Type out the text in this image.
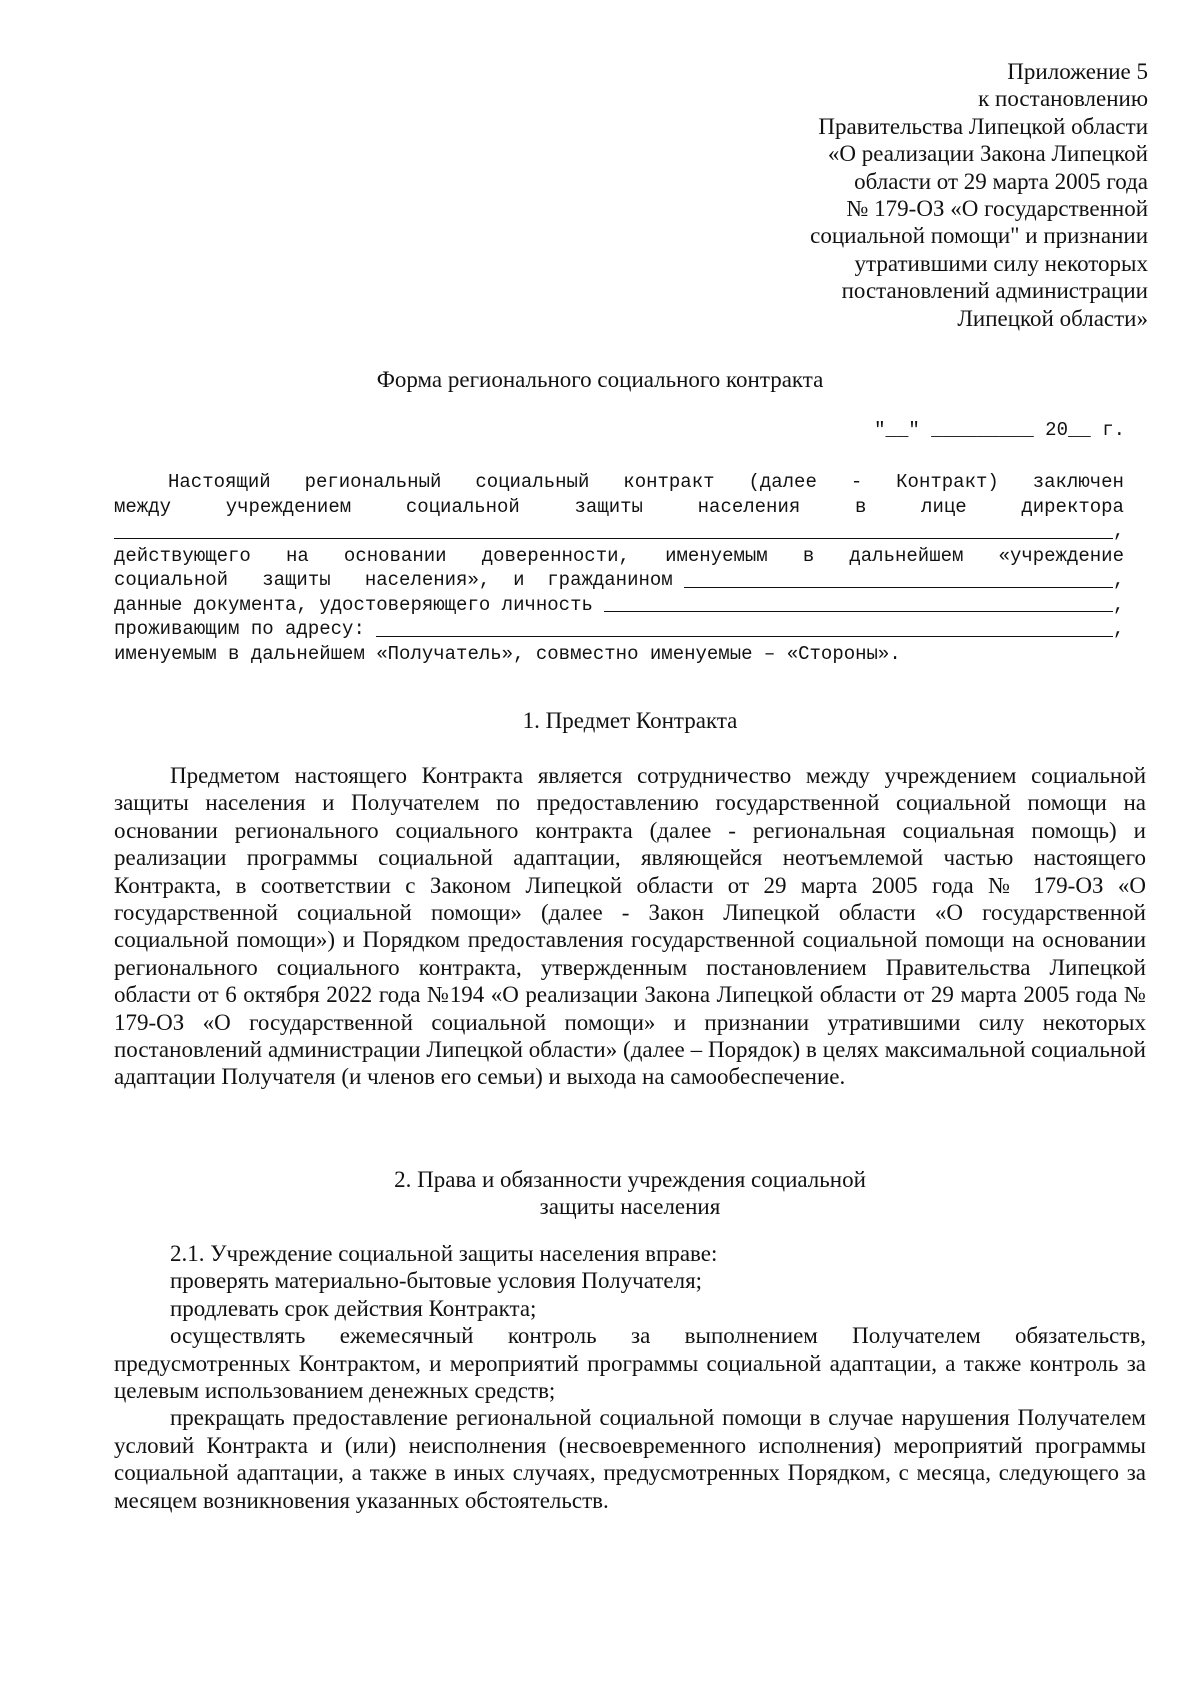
Приложение 5
к постановлению
Правительства Липецкой области
«О реализации Закона Липецкой
области от 29 марта 2005 года
№ 179-ОЗ «О государственной
социальной помощи" и признании
утратившими силу некоторых
постановлений администрации
Липецкой области»
Форма регионального социального контракта
"__" _________ 20__ г.
Настоящий региональный социальный контракт (далее - Контракт) заключен
между	учреждением	социальной	защиты	населения	в	лице	директора
,
действующего на основании доверенности, именуемым в дальнейшем «учреждение
социальной   защиты   населения»,  и  гражданином	,
данные документа, удостоверяющего личность	,
проживающим по адресу:	,
именуемым в дальнейшем «Получатель», совместно именуемые – «Стороны».
1. Предмет Контракта

Предметом настоящего Контракта является сотрудничество между учреждением социальной защиты населения и Получателем по предоставлению государственной социальной помощи на основании регионального социального контракта (далее - региональная социальная помощь) и реализации программы социальной адаптации, являющейся неотъемлемой частью настоящего Контракта, в соответствии с Законом Липецкой области от 29 марта 2005 года № 179-ОЗ «О государственной социальной помощи» (далее - Закон Липецкой области «О государственной социальной помощи») и Порядком предоставления государственной социальной помощи на основании регионального социального контракта, утвержденным постановлением Правительства Липецкой области от 6 октября 2022 года №194 «О реализации Закона Липецкой области от 29 марта 2005 года № 179-ОЗ «О государственной социальной помощи» и признании утратившими силу некоторых постановлений администрации Липецкой области» (далее – Порядок) в целях максимальной социальной адаптации Получателя (и членов его семьи) и выхода на самообеспечение.

2. Права и обязанности учреждения социальной
защиты населения

2.1. Учреждение социальной защиты населения вправе:

проверять материально-бытовые условия Получателя;

продлевать срок действия Контракта;

осуществлять ежемесячный контроль за выполнением Получателем обязательств, предусмотренных Контрактом, и мероприятий программы социальной адаптации, а также контроль за целевым использованием денежных средств;

прекращать предоставление региональной социальной помощи в случае нарушения Получателем условий Контракта и (или) неисполнения (несвоевременного исполнения) мероприятий программы социальной адаптации, а также в иных случаях, предусмотренных Порядком, с месяца, следующего за месяцем возникновения указанных обстоятельств.
